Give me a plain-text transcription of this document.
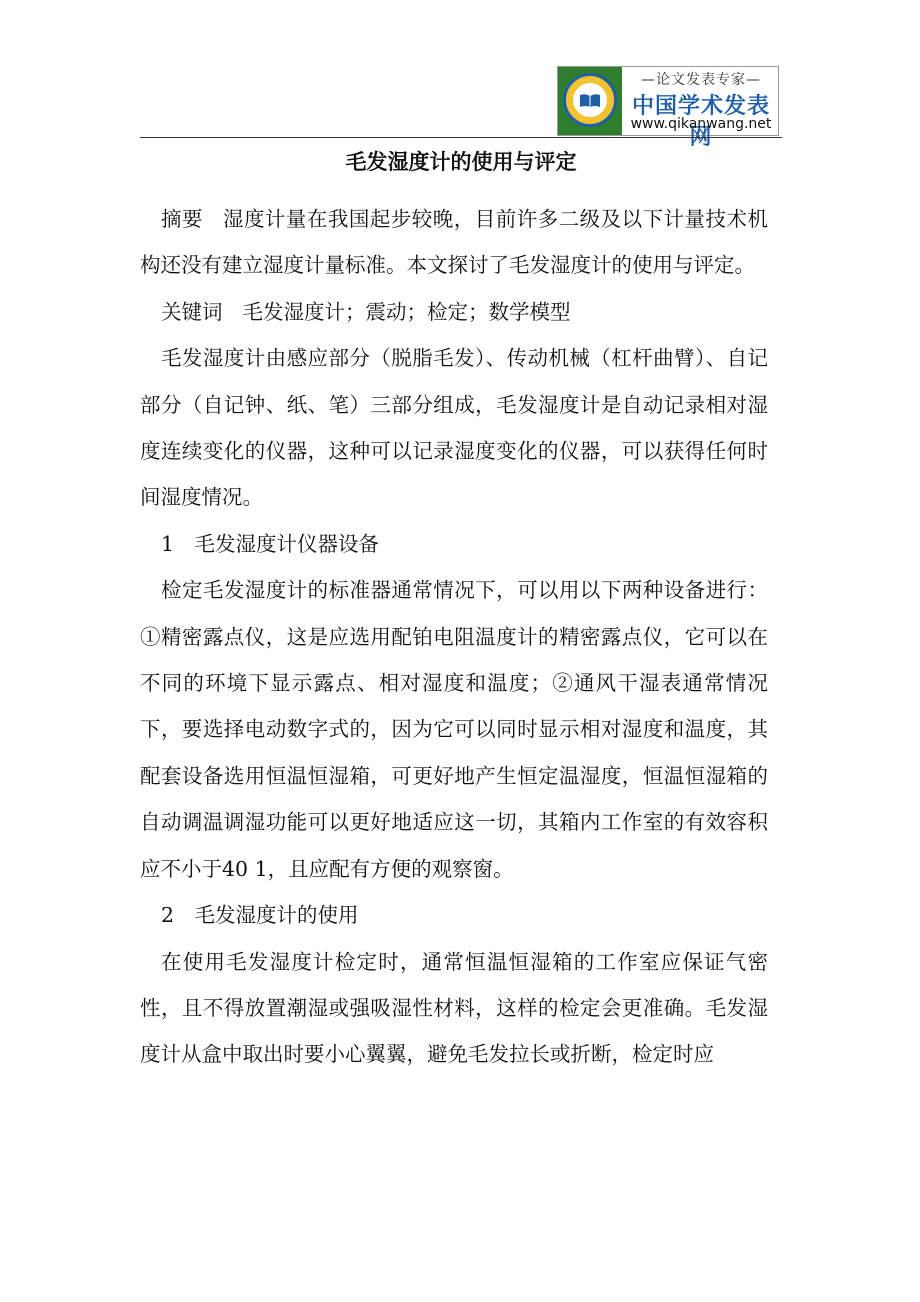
—论文发表专家—
中国学术发表网
www.qikanwang.net
毛发湿度计的使用与评定

摘要 湿度计量在我国起步较晚，目前许多二级及以下计量技术机构还没有建立湿度计量标准。本文探讨了毛发湿度计的使用与评定。

关键词 毛发湿度计；震动；检定；数学模型

毛发湿度计由感应部分（脱脂毛发）、传动机械（杠杆曲臂）、自记部分（自记钟、纸、笔）三部分组成，毛发湿度计是自动记录相对湿度连续变化的仪器，这种可以记录湿度变化的仪器，可以获得任何时间湿度情况。

1　毛发湿度计仪器设备

检定毛发湿度计的标准器通常情况下，可以用以下两种设备进行：①精密露点仪，这是应选用配铂电阻温度计的精密露点仪，它可以在不同的环境下显示露点、相对湿度和温度；②通风干湿表通常情况下，要选择电动数字式的，因为它可以同时显示相对湿度和温度，其配套设备选用恒温恒湿箱，可更好地产生恒定温湿度，恒温恒湿箱的自动调温调湿功能可以更好地适应这一切，其箱内工作室的有效容积应不小于40 1，且应配有方便的观察窗。

2　毛发湿度计的使用

在使用毛发湿度计检定时，通常恒温恒湿箱的工作室应保证气密性，且不得放置潮湿或强吸湿性材料，这样的检定会更准确。毛发湿度计从盒中取出时要小心翼翼，避免毛发拉长或折断，检定时应
